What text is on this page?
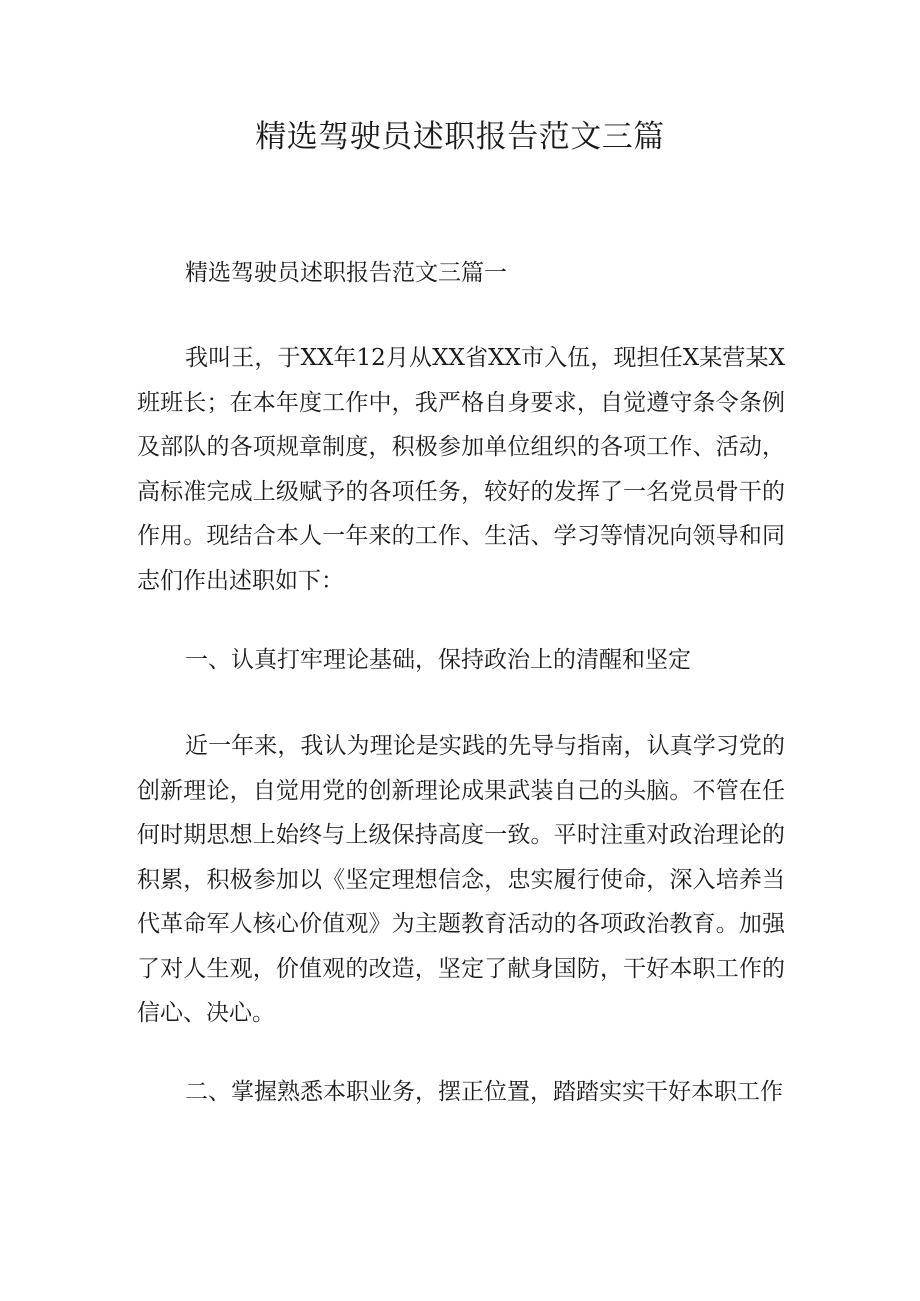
精选驾驶员述职报告范文三篇

精选驾驶员述职报告范文三篇一

我叫王，于XX年12月从XX省XX市入伍，现担任X某营某X班班长；在本年度工作中，我严格自身要求，自觉遵守条令条例及部队的各项规章制度，积极参加单位组织的各项工作、活动，高标准完成上级赋予的各项任务，较好的发挥了一名党员骨干的作用。现结合本人一年来的工作、生活、学习等情况向领导和同志们作出述职如下：

一、认真打牢理论基础，保持政治上的清醒和坚定

近一年来，我认为理论是实践的先导与指南，认真学习党的创新理论，自觉用党的创新理论成果武装自己的头脑。不管在任何时期思想上始终与上级保持高度一致。平时注重对政治理论的积累，积极参加以《坚定理想信念，忠实履行使命，深入培养当代革命军人核心价值观》为主题教育活动的各项政治教育。加强了对人生观，价值观的改造，坚定了献身国防，干好本职工作的信心、决心。

二、掌握熟悉本职业务，摆正位置，踏踏实实干好本职工作
